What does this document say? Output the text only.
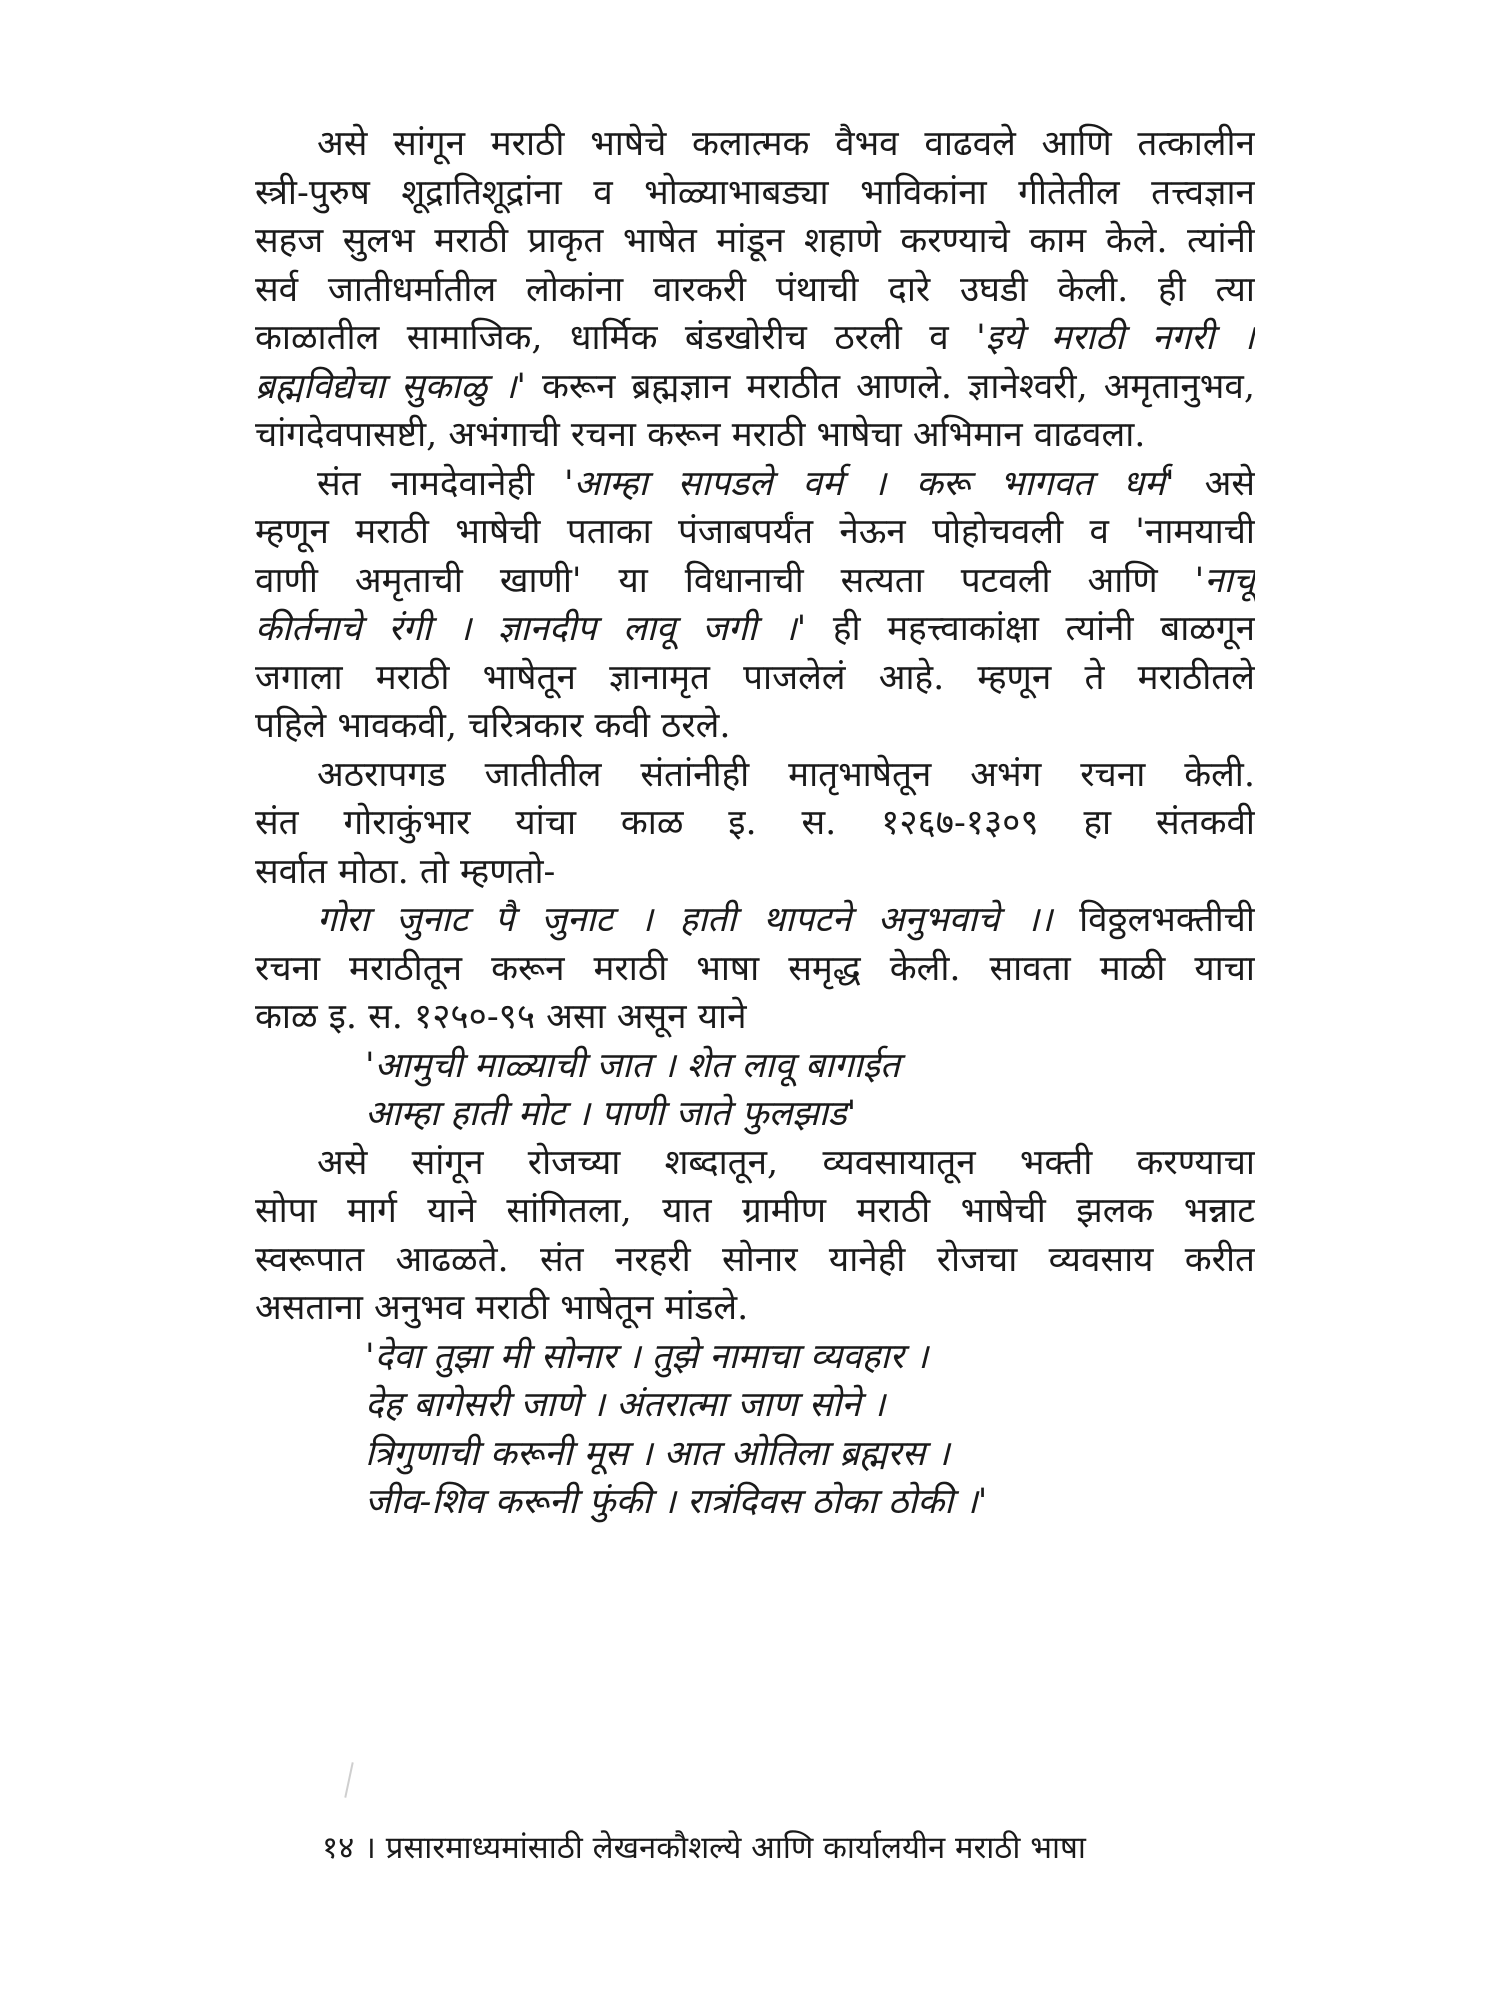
असे सांगून मराठी भाषेचे कलात्मक वैभव वाढवले आणि तत्कालीन
स्त्री-पुरुष शूद्रातिशूद्रांना व भोळ्याभाबड्या भाविकांना गीतेतील तत्त्वज्ञान
सहज सुलभ मराठी प्राकृत भाषेत मांडून शहाणे करण्याचे काम केले. त्यांनी
सर्व जातीधर्मातील लोकांना वारकरी पंथाची दारे उघडी केली. ही त्या
काळातील सामाजिक, धार्मिक बंडखोरीच ठरली व 'इये मराठी नगरी ।
ब्रह्मविद्येचा सुकाळु ।' करून ब्रह्मज्ञान मराठीत आणले. ज्ञानेश्वरी, अमृतानुभव,
चांगदेवपासष्टी, अभंगाची रचना करून मराठी भाषेचा अभिमान वाढवला.
संत नामदेवानेही 'आम्हा सापडले वर्म । करू भागवत धर्म' असे
म्हणून मराठी भाषेची पताका पंजाबपर्यंत नेऊन पोहोचवली व 'नामयाची
वाणी अमृताची खाणी' या विधानाची सत्यता पटवली आणि 'नाचू
कीर्तनाचे रंगी । ज्ञानदीप लावू जगी ।' ही महत्त्वाकांक्षा त्यांनी बाळगून
जगाला मराठी भाषेतून ज्ञानामृत पाजलेलं आहे. म्हणून ते मराठीतले
पहिले भावकवी, चरित्रकार कवी ठरले.
अठरापगड जातीतील संतांनीही मातृभाषेतून अभंग रचना केली.
संत गोराकुंभार यांचा काळ इ. स. १२६७-१३०९ हा संतकवी
सर्वात मोठा. तो म्हणतो-
गोरा जुनाट पै जुनाट । हाती थापटने अनुभवाचे ।। विठ्ठलभक्तीची
रचना मराठीतून करून मराठी भाषा समृद्ध केली. सावता माळी याचा
काळ इ. स. १२५०-९५ असा असून याने
'आमुची माळ्याची जात । शेत लावू बागाईत
आम्हा हाती मोट । पाणी जाते फुलझाड'
असे सांगून रोजच्या शब्दातून, व्यवसायातून भक्ती करण्याचा
सोपा मार्ग याने सांगितला, यात ग्रामीण मराठी भाषेची झलक भन्नाट
स्वरूपात आढळते. संत नरहरी सोनार यानेही रोजचा व्यवसाय करीत
असताना अनुभव मराठी भाषेतून मांडले.
'देवा तुझा मी सोनार । तुझे नामाचा व्यवहार ।
देह बागेसरी जाणे । अंतरात्मा जाण सोने ।
त्रिगुणाची करूनी मूस । आत ओतिला ब्रह्मरस ।
जीव-शिव करूनी फुंकी । रात्रंदिवस ठोका ठोकी ।'
१४ । प्रसारमाध्यमांसाठी लेखनकौशल्ये आणि कार्यालयीन मराठी भाषा
